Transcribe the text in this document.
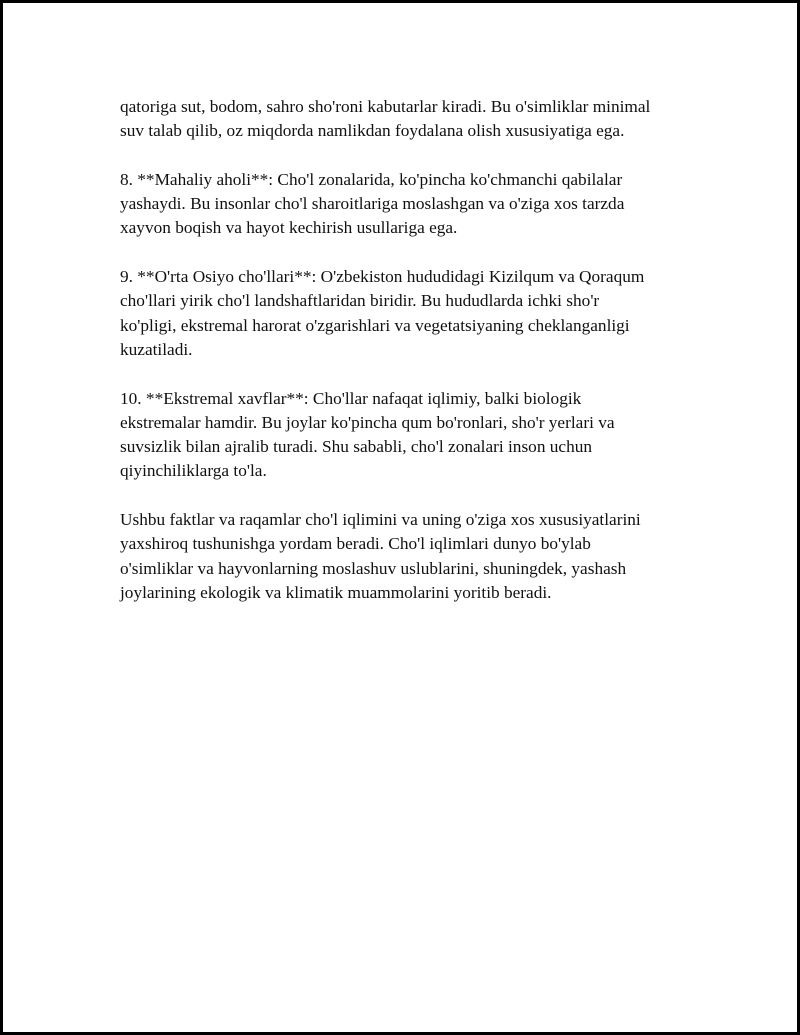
qatoriga sut, bodom, sahro sho'roni kabutarlar kiradi. Bu o'simliklar minimal
suv talab qilib, oz miqdorda namlikdan foydalana olish xususiyatiga ega.

8. **Mahaliy aholi**: Cho'l zonalarida, ko'pincha ko'chmanchi qabilalar
yashaydi. Bu insonlar cho'l sharoitlariga moslashgan va o'ziga xos tarzda
xayvon boqish va hayot kechirish usullariga ega.

9. **O'rta Osiyo cho'llari**: O'zbekiston hududidagi Kizilqum va Qoraqum
cho'llari yirik cho'l landshaftlaridan biridir. Bu hududlarda ichki sho'r
ko'pligi, ekstremal harorat o'zgarishlari va vegetatsiyaning cheklanganligi
kuzatiladi.

10. **Ekstremal xavflar**: Cho'llar nafaqat iqlimiy, balki biologik
ekstremalar hamdir. Bu joylar ko'pincha qum bo'ronlari, sho'r yerlari va
suvsizlik bilan ajralib turadi. Shu sababli, cho'l zonalari inson uchun
qiyinchiliklarga to'la.

Ushbu faktlar va raqamlar cho'l iqlimini va uning o'ziga xos xususiyatlarini
yaxshiroq tushunishga yordam beradi. Cho'l iqlimlari dunyo bo'ylab
o'simliklar va hayvonlarning moslashuv uslublarini, shuningdek, yashash
joylarining ekologik va klimatik muammolarini yoritib beradi.
